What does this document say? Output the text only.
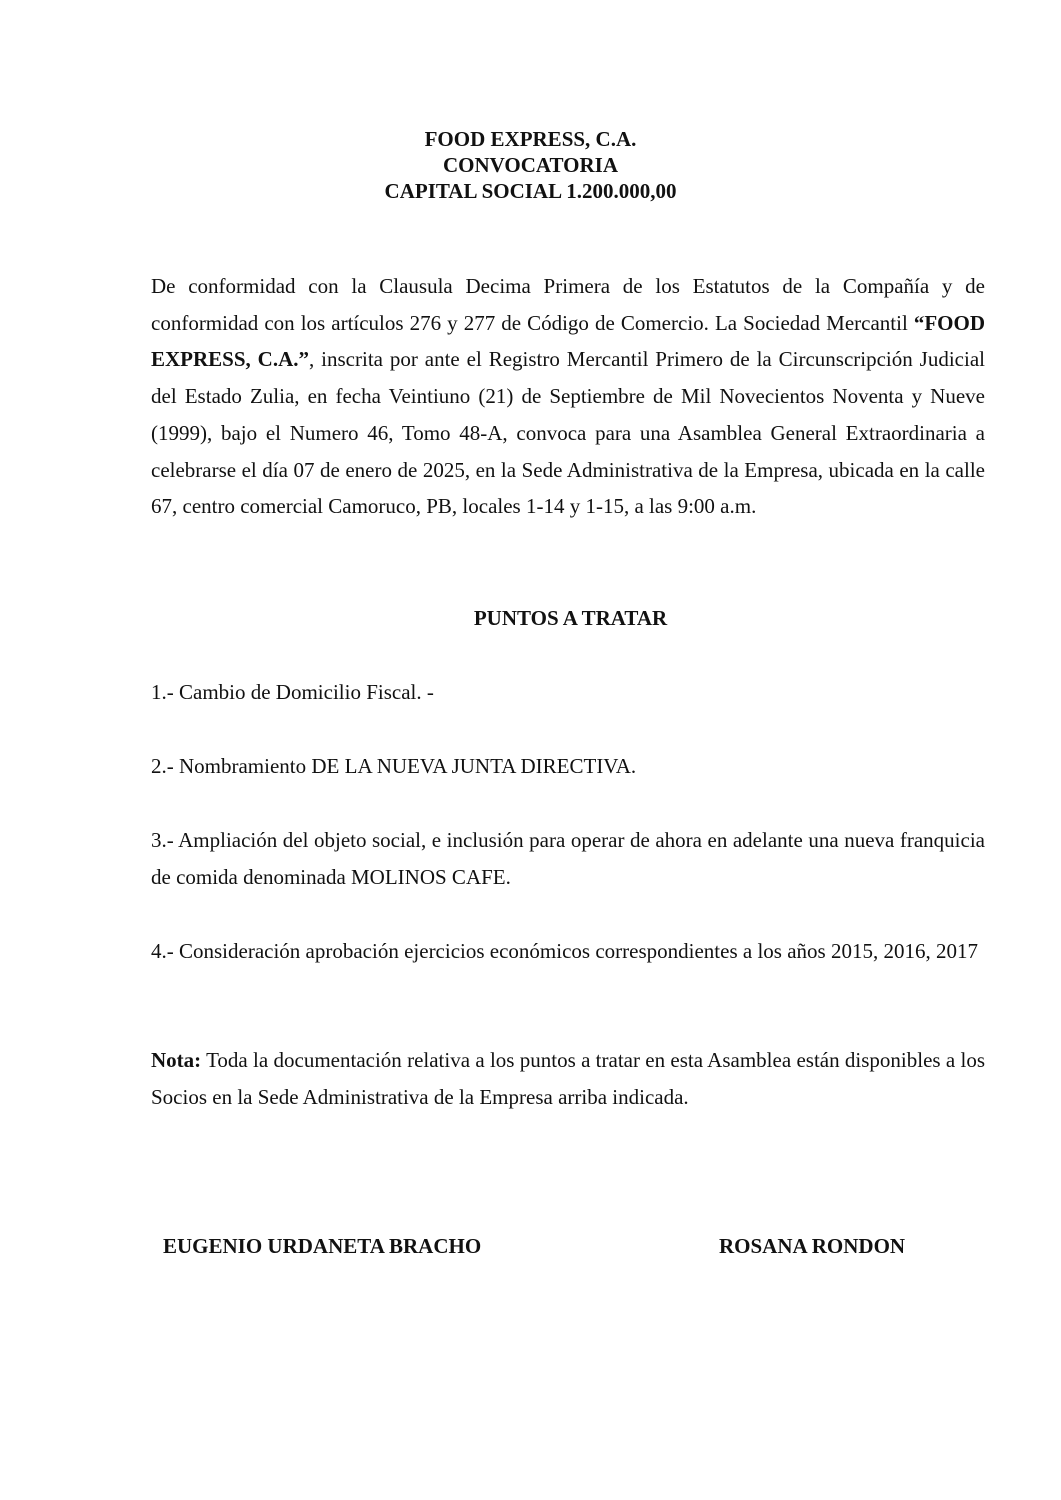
FOOD EXPRESS, C.A.
CONVOCATORIA
CAPITAL SOCIAL 1.200.000,00
De conformidad con la Clausula Decima Primera de los Estatutos de la Compañía y de conformidad con los artículos 276 y 277 de Código de Comercio. La Sociedad Mercantil “FOOD EXPRESS, C.A.”, inscrita por ante el Registro Mercantil Primero de la Circunscripción Judicial del Estado Zulia, en fecha Veintiuno (21) de Septiembre de Mil Novecientos Noventa y Nueve (1999), bajo el Numero 46, Tomo 48-A, convoca para una Asamblea General Extraordinaria a celebrarse el día 07 de enero de 2025, en la Sede Administrativa de la Empresa, ubicada en la calle 67, centro comercial Camoruco, PB, locales 1-14 y 1-15, a las 9:00 a.m.
PUNTOS A TRATAR
1.- Cambio de Domicilio Fiscal. -
2.- Nombramiento DE LA NUEVA JUNTA DIRECTIVA.
3.- Ampliación del objeto social, e inclusión para operar de ahora en adelante una nueva franquicia de comida denominada MOLINOS CAFE.
4.- Consideración aprobación ejercicios económicos correspondientes a los años 2015, 2016, 2017
Nota: Toda la documentación relativa a los puntos a tratar en esta Asamblea están disponibles a los Socios en la Sede Administrativa de la Empresa arriba indicada.
EUGENIO URDANETA BRACHO	ROSANA RONDON
